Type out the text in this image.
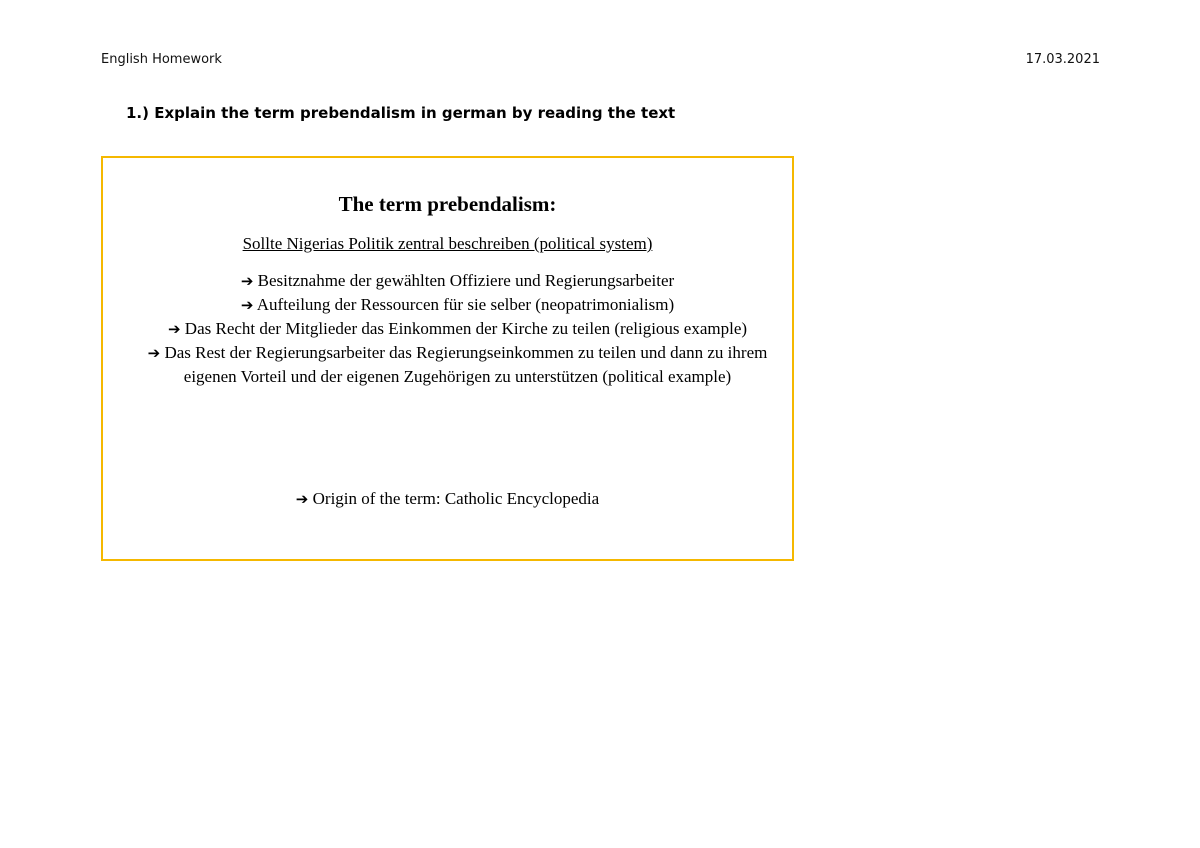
English Homework	17.03.2021
1.) Explain the term prebendalism in german by reading the text
The term prebendalism:
Sollte Nigerias Politik zentral beschreiben (political system)

➔ Besitznahme der gewählten Offiziere und Regierungsarbeiter

➔ Aufteilung der Ressourcen für sie selber (neopatrimonialism)

➔ Das Recht der Mitglieder das Einkommen der Kirche zu teilen (religious example)

➔ Das Rest der Regierungsarbeiter das Regierungseinkommen zu teilen und dann zu ihrem eigenen Vorteil und der eigenen Zugehörigen zu unterstützen (political example)

➔ Origin of the term: Catholic Encyclopedia
